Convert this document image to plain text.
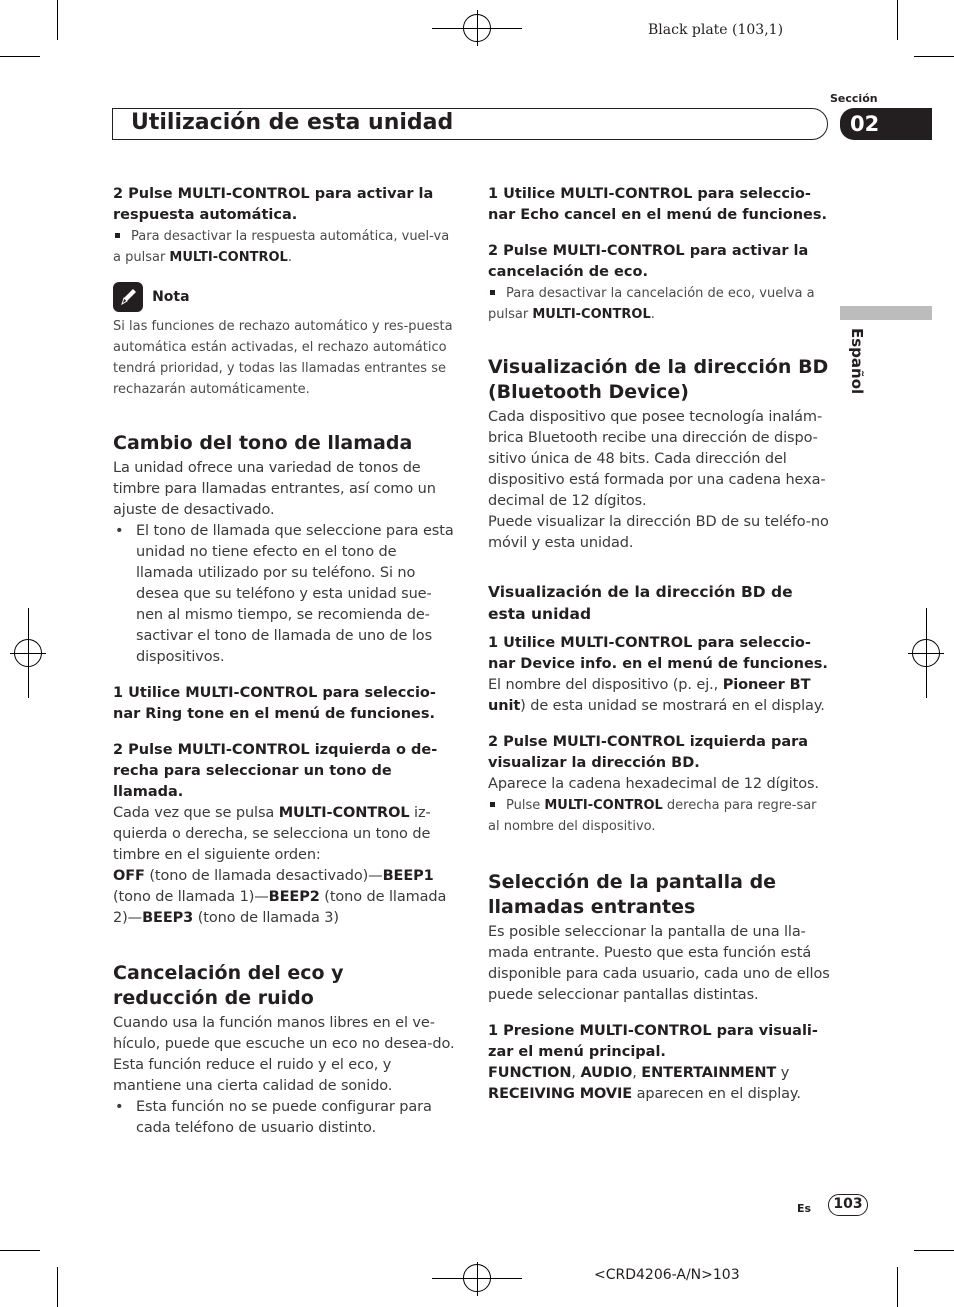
Black plate (103,1)
<CRD4206-A/N>103
Sección
Utilización de esta unidad	02
Español

2 Pulse MULTI-CONTROL para activar la respuesta automática.

Para desactivar la respuesta automática, vuel-va a pulsar MULTI-CONTROL.

Nota

Si las funciones de rechazo automático y res-puesta automática están activadas, el rechazo automático tendrá prioridad, y todas las llamadas entrantes se rechazarán automáticamente.

Cambio del tono de llamada

La unidad ofrece una variedad de tonos de timbre para llamadas entrantes, así como un ajuste de desactivado.

• El tono de llamada que seleccione para esta unidad no tiene efecto en el tono de llamada utilizado por su teléfono. Si no desea que su teléfono y esta unidad sue-nen al mismo tiempo, se recomienda de-sactivar el tono de llamada de uno de los dispositivos.

1 Utilice MULTI-CONTROL para seleccio-nar Ring tone en el menú de funciones.

2 Pulse MULTI-CONTROL izquierda o de-recha para seleccionar un tono de llamada.

Cada vez que se pulsa MULTI-CONTROL iz-quierda o derecha, se selecciona un tono de timbre en el siguiente orden:

OFF (tono de llamada desactivado)—BEEP1 (tono de llamada 1)—BEEP2 (tono de llamada 2)—BEEP3 (tono de llamada 3)

Cancelación del eco y reducción de ruido

Cuando usa la función manos libres en el ve-hículo, puede que escuche un eco no desea-do. Esta función reduce el ruido y el eco, y mantiene una cierta calidad de sonido.

• Esta función no se puede configurar para cada teléfono de usuario distinto.

1 Utilice MULTI-CONTROL para seleccio-nar Echo cancel en el menú de funciones.

2 Pulse MULTI-CONTROL para activar la cancelación de eco.

Para desactivar la cancelación de eco, vuelva a pulsar MULTI-CONTROL.

Visualización de la dirección BD (Bluetooth Device)

Cada dispositivo que posee tecnología inalám-brica Bluetooth recibe una dirección de dispo-sitivo única de 48 bits. Cada dirección del dispositivo está formada por una cadena hexa-decimal de 12 dígitos.

Puede visualizar la dirección BD de su teléfo-no móvil y esta unidad.

Visualización de la dirección BD de esta unidad

1 Utilice MULTI-CONTROL para seleccio-nar Device info. en el menú de funciones.

El nombre del dispositivo (p. ej., Pioneer BT unit) de esta unidad se mostrará en el display.

2 Pulse MULTI-CONTROL izquierda para visualizar la dirección BD.

Aparece la cadena hexadecimal de 12 dígitos.

Pulse MULTI-CONTROL derecha para regre-sar al nombre del dispositivo.

Selección de la pantalla de llamadas entrantes

Es posible seleccionar la pantalla de una lla-mada entrante. Puesto que esta función está disponible para cada usuario, cada uno de ellos puede seleccionar pantallas distintas.

1 Presione MULTI-CONTROL para visuali-zar el menú principal.

FUNCTION, AUDIO, ENTERTAINMENT y RECEIVING MOVIE aparecen en el display.

Es	103
